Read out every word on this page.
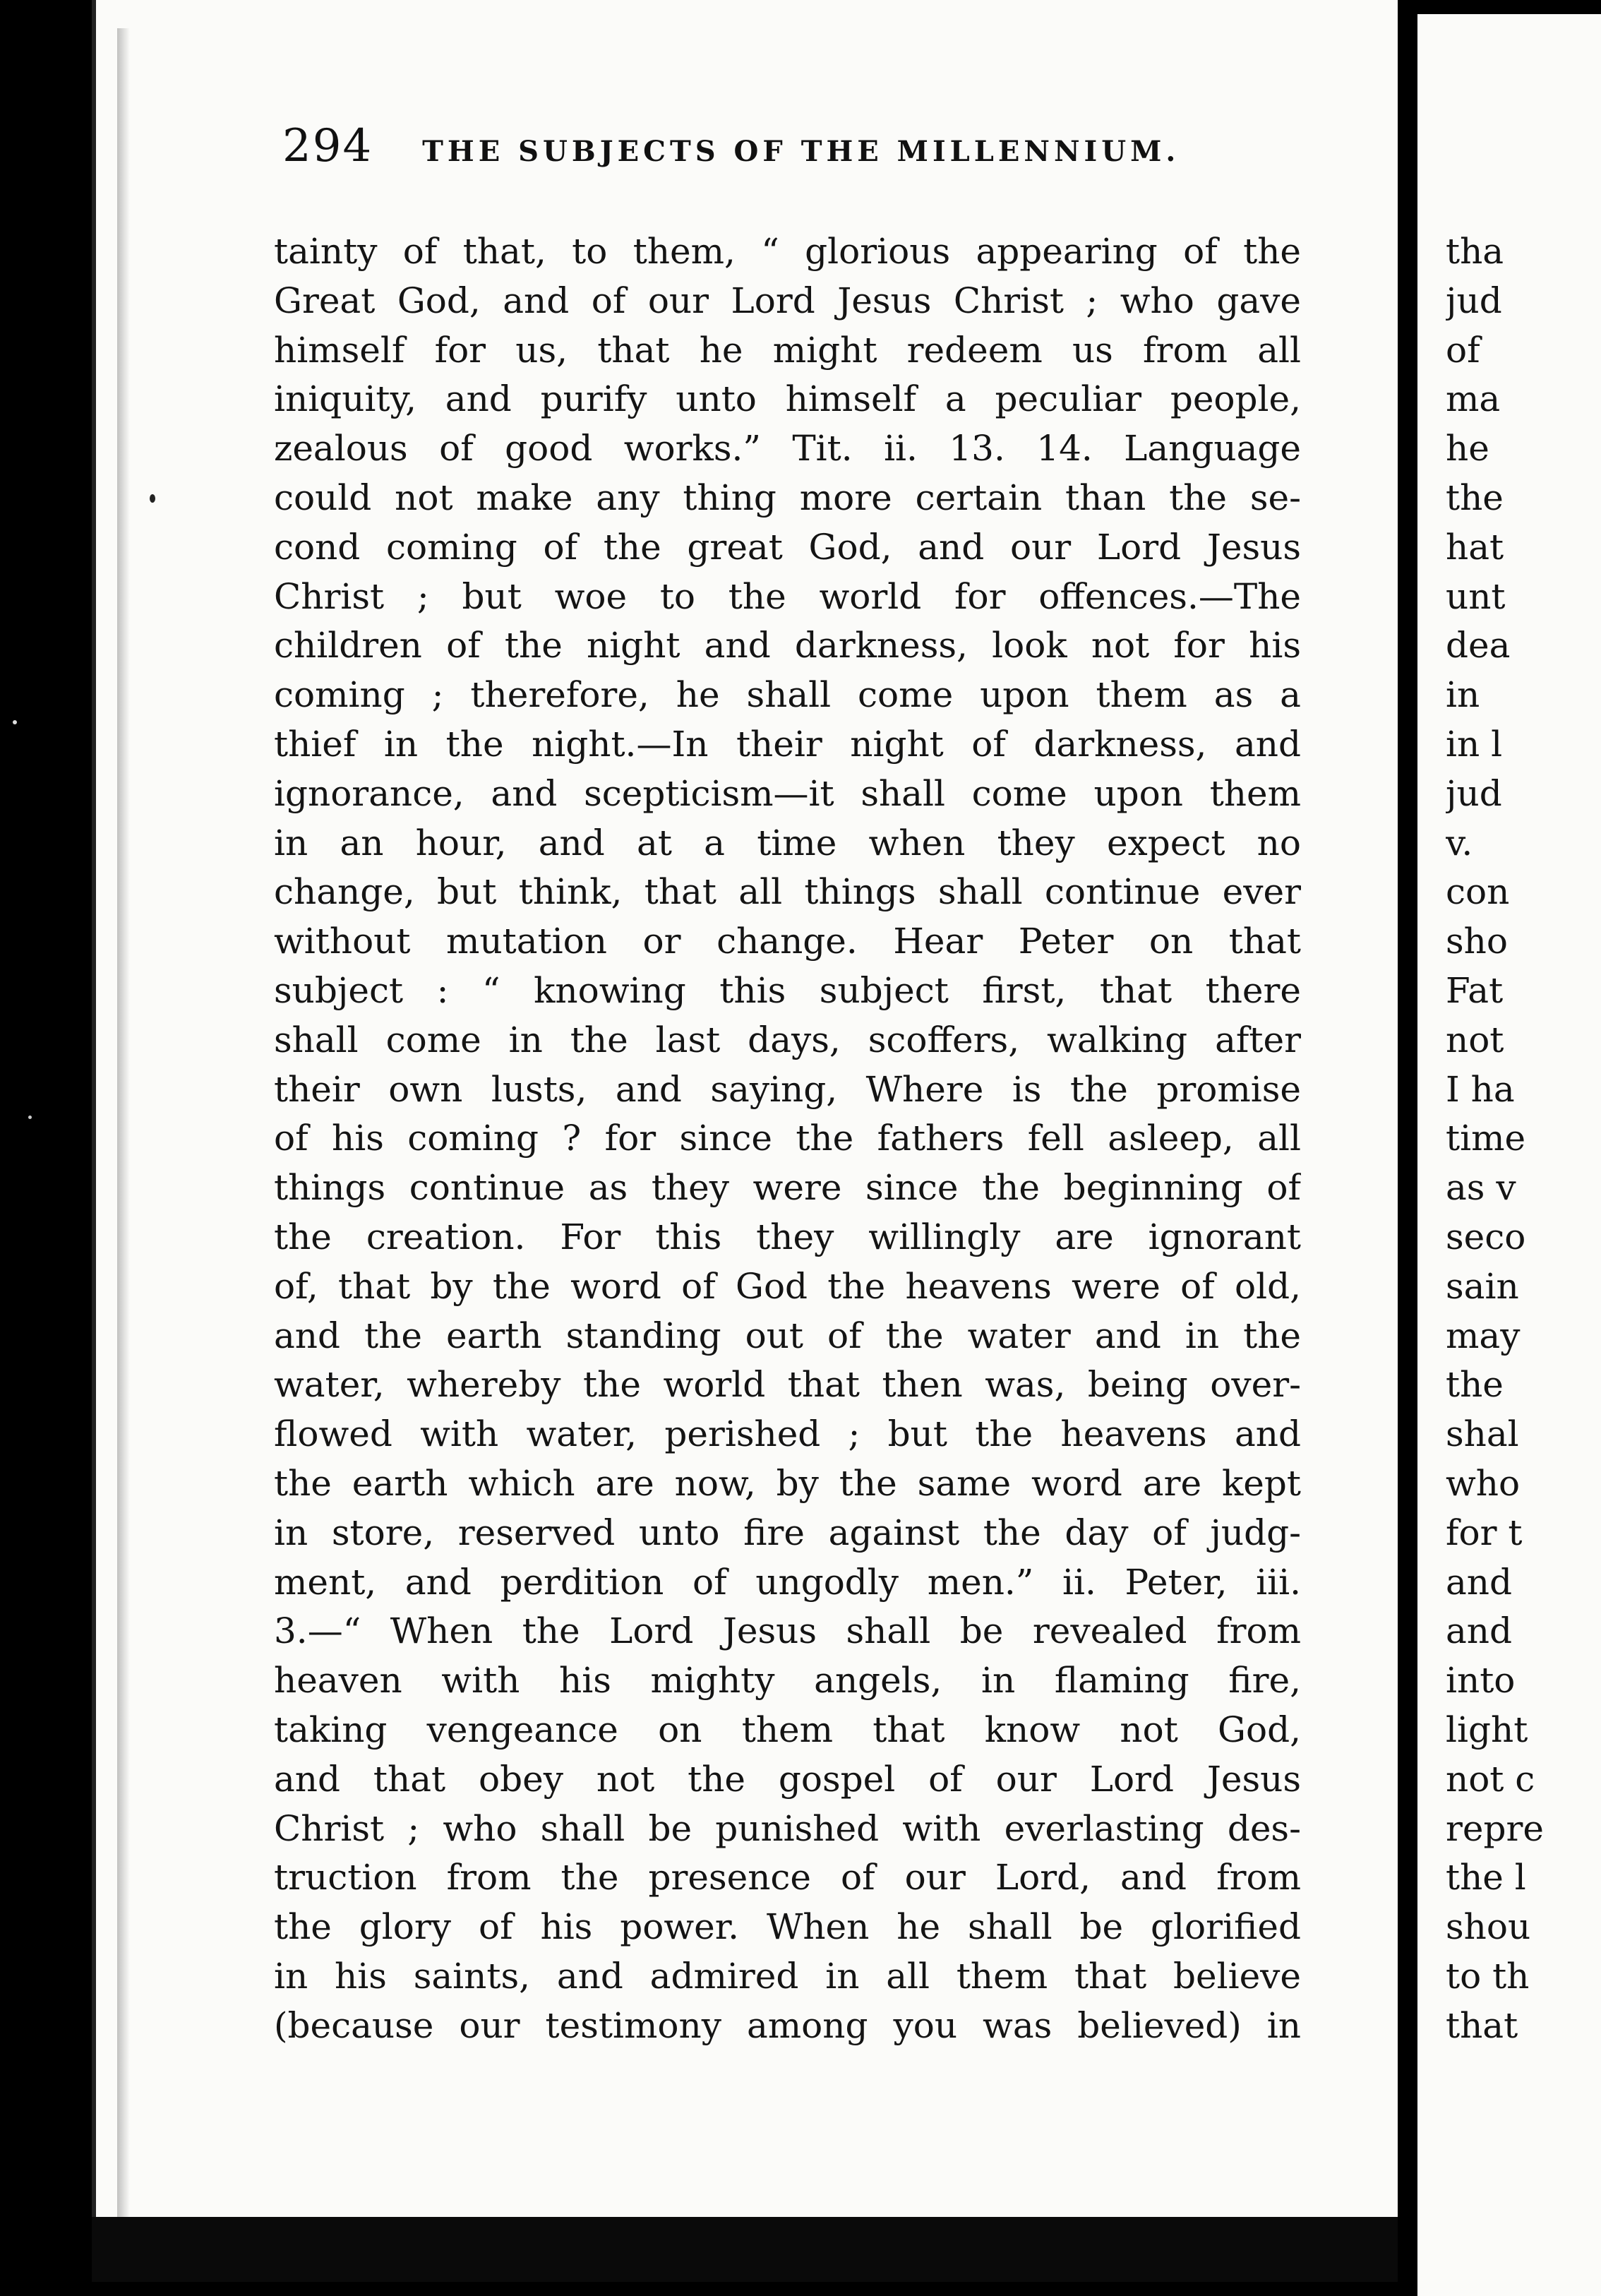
294 THE SUBJECTS OF THE MILLENNIUM.
tainty of that, to them, “ glorious appearing of the
Great God, and of our Lord Jesus Christ ; who gave
himself for us, that he might redeem us from all
iniquity, and purify unto himself a peculiar people,
zealous of good works.” Tit. ii. 13. 14. Language
could not make any thing more certain than the se-
cond coming of the great God, and our Lord Jesus
Christ ; but woe to the world for offences.—The
children of the night and darkness, look not for his
coming ; therefore, he shall come upon them as a
thief in the night.—In their night of darkness, and
ignorance, and scepticism—it shall come upon them
in an hour, and at a time when they expect no
change, but think, that all things shall continue ever
without mutation or change. Hear Peter on that
subject : “ knowing this subject first, that there
shall come in the last days, scoffers, walking after
their own lusts, and saying, Where is the promise
of his coming ? for since the fathers fell asleep, all
things continue as they were since the beginning of
the creation. For this they willingly are ignorant
of, that by the word of God the heavens were of old,
and the earth standing out of the water and in the
water, whereby the world that then was, being over-
flowed with water, perished ; but the heavens and
the earth which are now, by the same word are kept
in store, reserved unto fire against the day of judg-
ment, and perdition of ungodly men.” ii. Peter, iii.
3.—“ When the Lord Jesus shall be revealed from
heaven with his mighty angels, in flaming fire,
taking vengeance on them that know not God,
and that obey not the gospel of our Lord Jesus
Christ ; who shall be punished with everlasting des-
truction from the presence of our Lord, and from
the glory of his power. When he shall be glorified
in his saints, and admired in all them that believe
(because our testimony among you was believed) in
tha
jud
of
ma
he
the
hat
unt
dea
in
in l
jud
v.
con
sho
Fat
not
I ha
time
as v
seco
sain
may
the
shal
who
for t
and
and
into
light
not c
repre
the l
shou
to th
that
